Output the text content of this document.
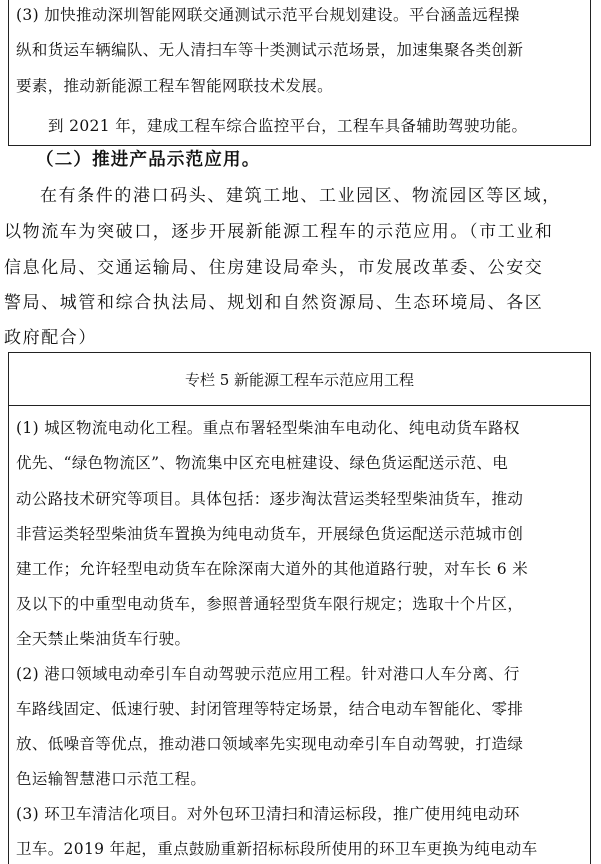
(3) 加快推动深圳智能网联交通测试示范平台规划建设。平台涵盖远程操
纵和货运车辆编队、无人清扫车等十类测试示范场景，加速集聚各类创新
要素，推动新能源工程车智能网联技术发展。
到 2021 年，建成工程车综合监控平台，工程车具备辅助驾驶功能。
（二）推进产品示范应用。
在有条件的港口码头、建筑工地、工业园区、物流园区等区域，
以物流车为突破口，逐步开展新能源工程车的示范应用。（市工业和
信息化局、交通运输局、住房建设局牵头，市发展改革委、公安交
警局、城管和综合执法局、规划和自然资源局、生态环境局、各区
政府配合）
专栏 5 新能源工程车示范应用工程
(1) 城区物流电动化工程。重点布署轻型柴油车电动化、纯电动货车路权
优先、“绿色物流区”、物流集中区充电桩建设、绿色货运配送示范、电
动公路技术研究等项目。具体包括：逐步淘汰营运类轻型柴油货车，推动
非营运类轻型柴油货车置换为纯电动货车，开展绿色货运配送示范城市创
建工作；允许轻型电动货车在除深南大道外的其他道路行驶，对车长 6 米
及以下的中重型电动货车，参照普通轻型货车限行规定；选取十个片区，
全天禁止柴油货车行驶。
(2) 港口领域电动牵引车自动驾驶示范应用工程。针对港口人车分离、行
车路线固定、低速行驶、封闭管理等特定场景，结合电动车智能化、零排
放、低噪音等优点，推动港口领域率先实现电动牵引车自动驾驶，打造绿
色运输智慧港口示范工程。
(3) 环卫车清洁化项目。对外包环卫清扫和清运标段，推广使用纯电动环
卫车。2019 年起，重点鼓励重新招标标段所使用的环卫车更换为纯电动车
